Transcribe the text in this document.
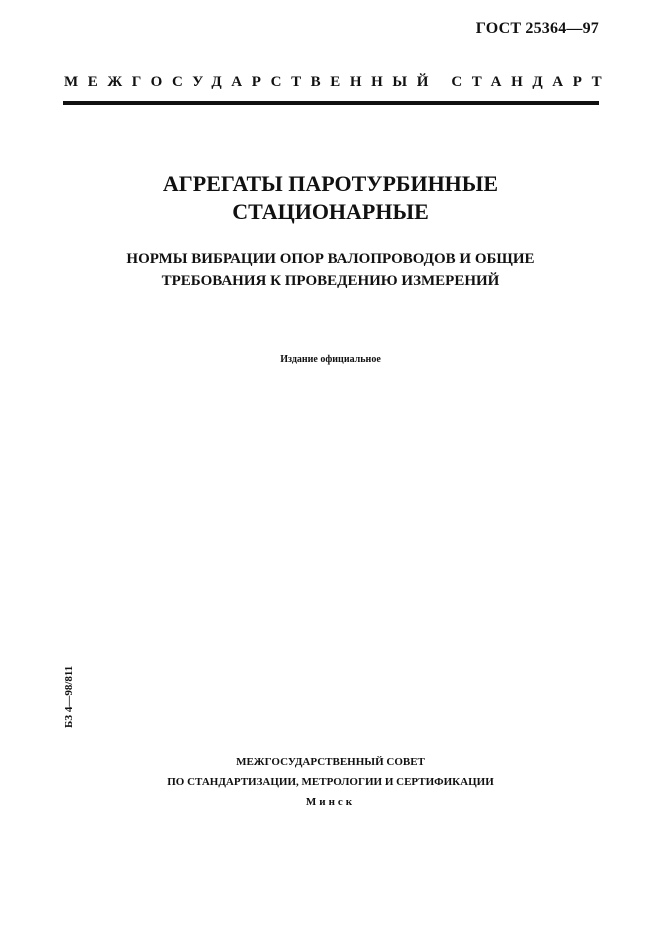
ГОСТ 25364—97
МЕЖГОСУДАРСТВЕННЫЙ СТАНДАРТ
АГРЕГАТЫ ПАРОТУРБИННЫЕ
СТАЦИОНАРНЫЕ
НОРМЫ ВИБРАЦИИ ОПОР ВАЛОПРОВОДОВ И ОБЩИЕ
ТРЕБОВАНИЯ К ПРОВЕДЕНИЮ ИЗМЕРЕНИЙ
Издание официальное
БЗ 4—98/811
МЕЖГОСУДАРСТВЕННЫЙ СОВЕТ
ПО СТАНДАРТИЗАЦИИ, МЕТРОЛОГИИ И СЕРТИФИКАЦИИ
Минск
